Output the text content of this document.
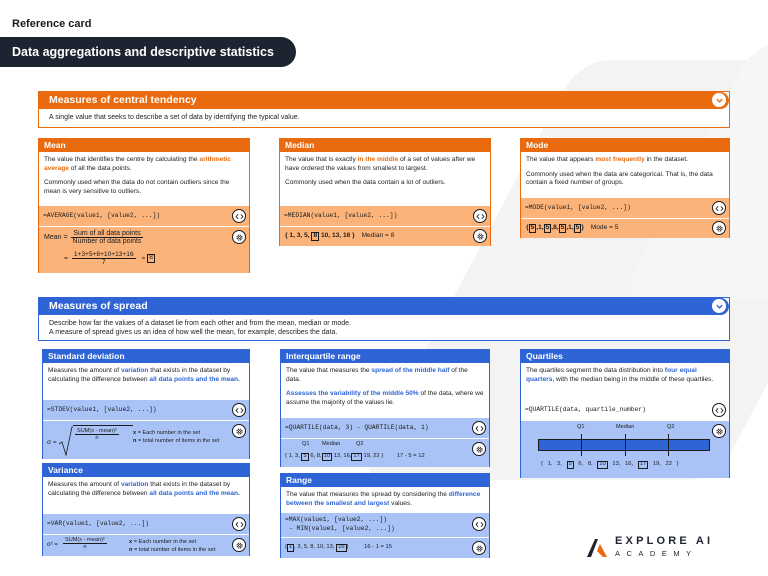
Reference card
Data aggregations and descriptive statistics
Measures of central tendency
A single value that seeks to describe a set of data by identifying the typical value.
Mean

The value that identifies the centre by calculating the arithmetic average of all the data points.

Commonly used when the data do not contain outliers since the mean is very sensitive to outliers.

=AVERAGE(value1, [value2, ...])
Mean = $\frac{\text{Sum of all data points}}{\text{Number of data points}}$
= $\frac{1+3+5+8+10+13+16}{7} \approx 8$
Median

The value that is exactly in the middle of a set of values after we have ordered the values from smallest to largest.

Commonly used when the data contain a lot of outliers.

=MEDIAN(value1, [value2, ...])
{ 1, 3, 5, 8 10, 13, 16 } Median = 8
Mode

The value that appears most frequently in the dataset.

Commonly used when the data are categorical. That is, the data contain a fixed number of groups.

=MODE(value1, [value2, ...])
{ 5 ,1, 5 ,8, 5 ,1, 5 } Mode = 5
Measures of spread
Describe how far the values of a dataset lie from each other and from the mean, median or mode.
A measure of spread gives us an idea of how well the mean, for example, describes the data.
Standard deviation

Measures the amount of variation that exists in the dataset by calculating the difference between all data points and the mean.

=STDEV(value1, [value2, ...])
σ =
SUM(x - mean)²
n
x = Each number in the set
n = total number of items in the set
Variance

Measures the amount of variation that exists in the dataset by calculating the difference between all data points and the mean.

=VAR(value1, [value2, ...])
σ² =
SUM(x - mean)²
n
x = Each number in the set
n = total number of items in the set
Interquartile range

The value that measures the spread of the middle half of the data.

Assesses the variability of the middle 50% of the data, where we assume the majority of the values lie.

=QUARTILE(data, 3) - QUARTILE(data, 1)
Q1 Median	Q2
{ 1, 3, 5 6, 8, 10 13, 16, 17 19, 22 } 17 - 5 = 12
Range

The value that measures the spread by considering the difference between the smallest and largest values.

=MAX(value1, [value2, ...])
- MIN(value1, [value2, ...])
{ 1 , 3, 5, 8, 10, 13, 16 }	16 - 1 = 15
Quartiles

The quartiles segment the data distribution into four equal quarters, with the median being in the middle of these quartiles.

=QUARTILE(data, quartile_number)
Q1	Median	Q2
{ 1, 3, 5 6, 8, 10 13, 16, 17 19, 22 }
EXPLORE AI
ACADEMY
